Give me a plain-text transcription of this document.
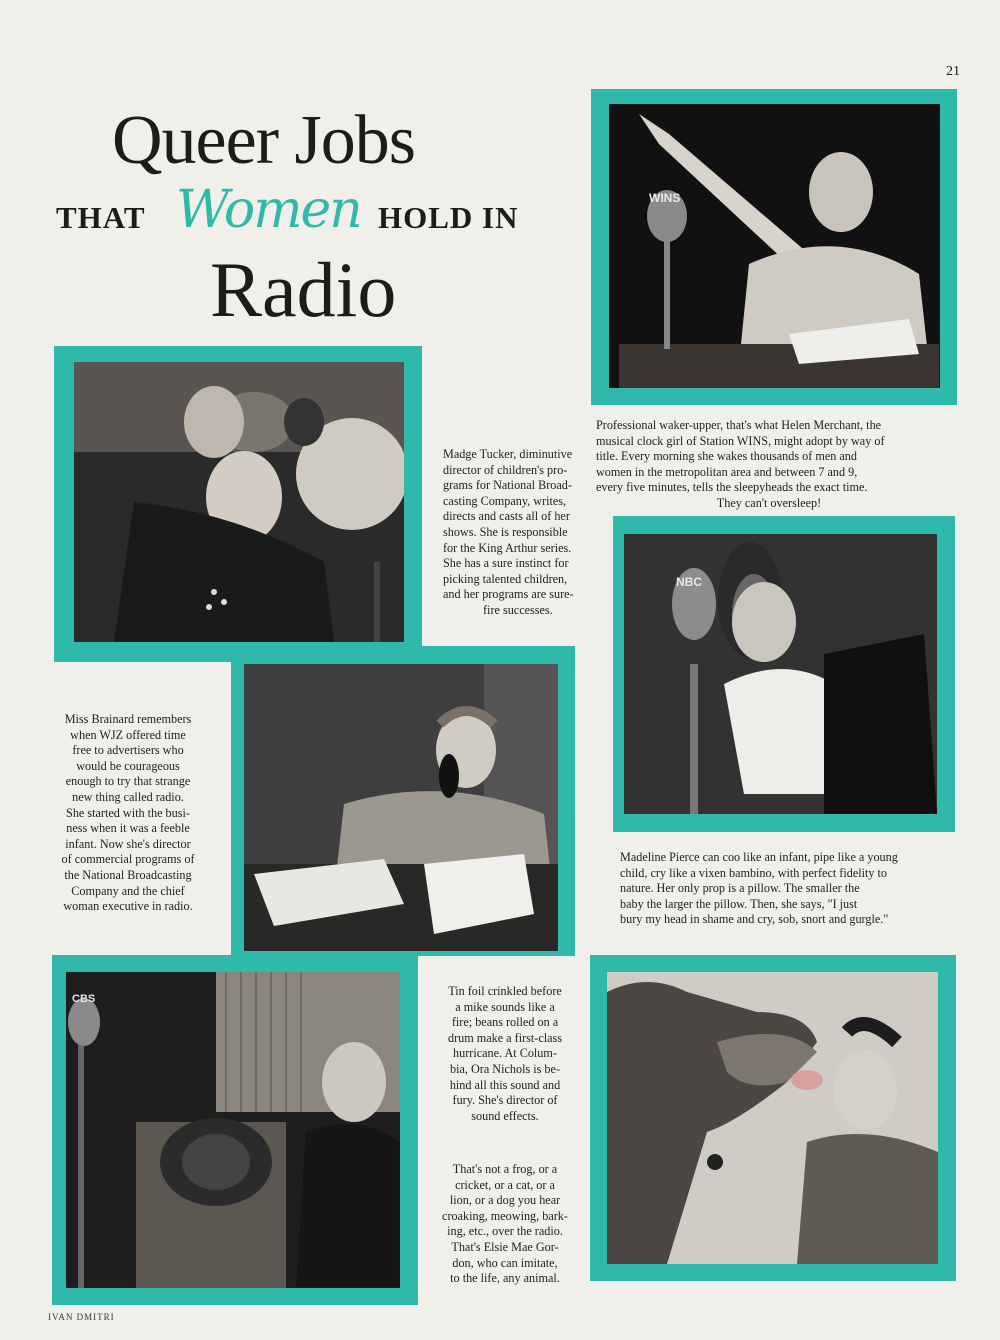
21
Queer Jobs
THAT Women HOLD IN
Radio
WINS
NBC
CBS
Professional waker-upper, that's what Helen Merchant, the
musical clock girl of Station WINS, might adopt by way of
title. Every morning she wakes thousands of men and
women in the metropolitan area and between 7 and 9,
every five minutes, tells the sleepyheads the exact time.
They can't oversleep!
Madge Tucker, diminutive
director of children's pro-
grams for National Broad-
casting Company, writes,
directs and casts all of her
shows. She is responsible
for the King Arthur series.
She has a sure instinct for
picking talented children,
and her programs are sure-
fire successes.
Miss Brainard remembers
when WJZ offered time
free to advertisers who
would be courageous
enough to try that strange
new thing called radio.
She started with the busi-
ness when it was a feeble
infant. Now she's director
of commercial programs of
the National Broadcasting
Company and the chief
woman executive in radio.
Madeline Pierce can coo like an infant, pipe like a young
child, cry like a vixen bambino, with perfect fidelity to
nature. Her only prop is a pillow. The smaller the
baby the larger the pillow. Then, she says, "I just
bury my head in shame and cry, sob, snort and gurgle."
Tin foil crinkled before
a mike sounds like a
fire; beans rolled on a
drum make a first-class
hurricane. At Colum-
bia, Ora Nichols is be-
hind all this sound and
fury. She's director of
sound effects.
That's not a frog, or a
cricket, or a cat, or a
lion, or a dog you hear
croaking, meowing, bark-
ing, etc., over the radio.
That's Elsie Mae Gor-
don, who can imitate,
to the life, any animal.
IVAN DMITRI
